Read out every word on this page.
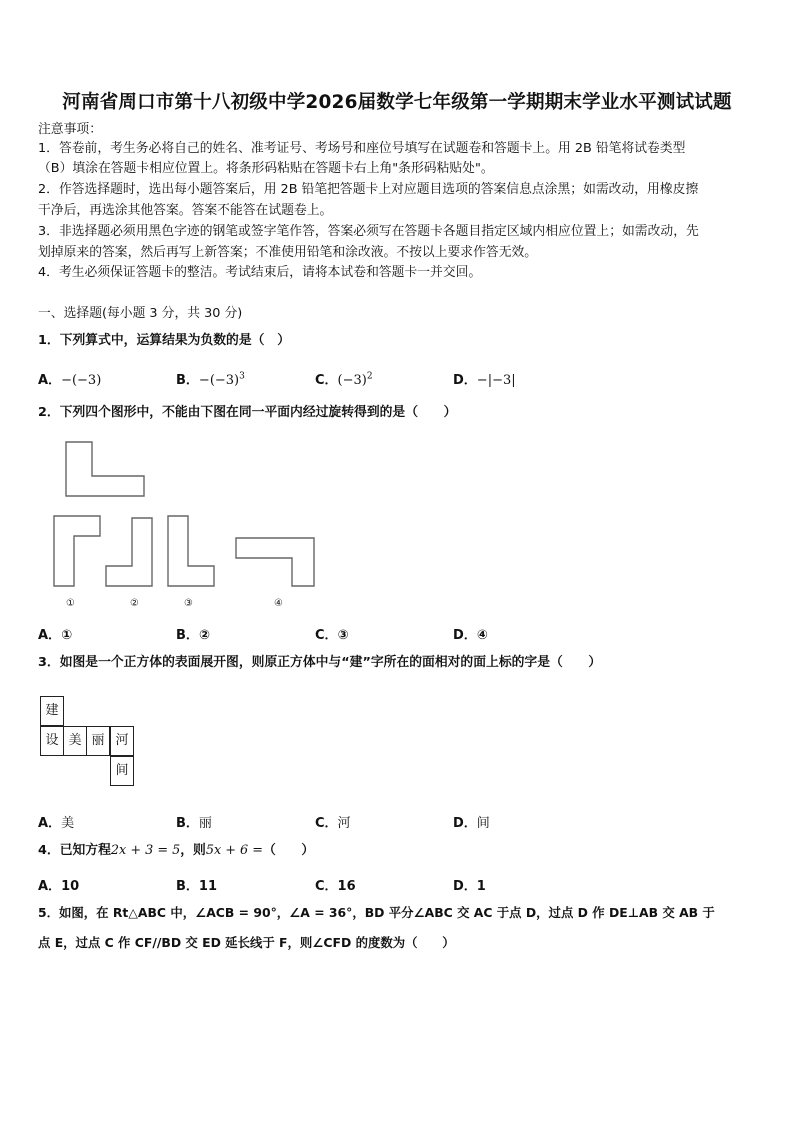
河南省周口市第十八初级中学2026届数学七年级第一学期期末学业水平测试试题
注意事项：
1．答卷前，考生务必将自己的姓名、准考证号、考场号和座位号填写在试题卷和答题卡上。用 2B 铅笔将试卷类型
（B）填涂在答题卡相应位置上。将条形码粘贴在答题卡右上角"条形码粘贴处"。
2．作答选择题时，选出每小题答案后，用 2B 铅笔把答题卡上对应题目选项的答案信息点涂黑；如需改动，用橡皮擦
干净后，再选涂其他答案。答案不能答在试题卷上。
3．非选择题必须用黑色字迹的钢笔或签字笔作答，答案必须写在答题卡各题目指定区域内相应位置上；如需改动，先
划掉原来的答案，然后再写上新答案；不准使用铅笔和涂改液。不按以上要求作答无效。
4．考生必须保证答题卡的整洁。考试结束后，请将本试卷和答题卡一并交回。
一、选择题(每小题 3 分，共 30 分)
1．下列算式中，运算结果为负数的是（　）
A．−(−3)	B．$-(-3)^3$	C．$(-3)^2$	D．−|−3|
2．下列四个图形中，不能由下图在同一平面内经过旋转得到的是（　　）
①	②	③	④
A．①	B．②	C．③	D．④
3．如图是一个正方体的表面展开图，则原正方体中与“建”字所在的面相对的面上标的字是（　　）
建
设 美 丽 河
间
A．美	B．丽	C．河	D．间
4．已知方程2x + 3 = 5，则5x + 6 =（　　）
A．10	B．11	C．16	D．1
5．如图，在 Rt△ABC 中，∠ACB = 90°，∠A = 36°，BD 平分∠ABC 交 AC 于点 D，过点 D 作 DE⊥AB 交 AB 于
点 E，过点 C 作 CF//BD 交 ED 延长线于 F，则∠CFD 的度数为（　　）
